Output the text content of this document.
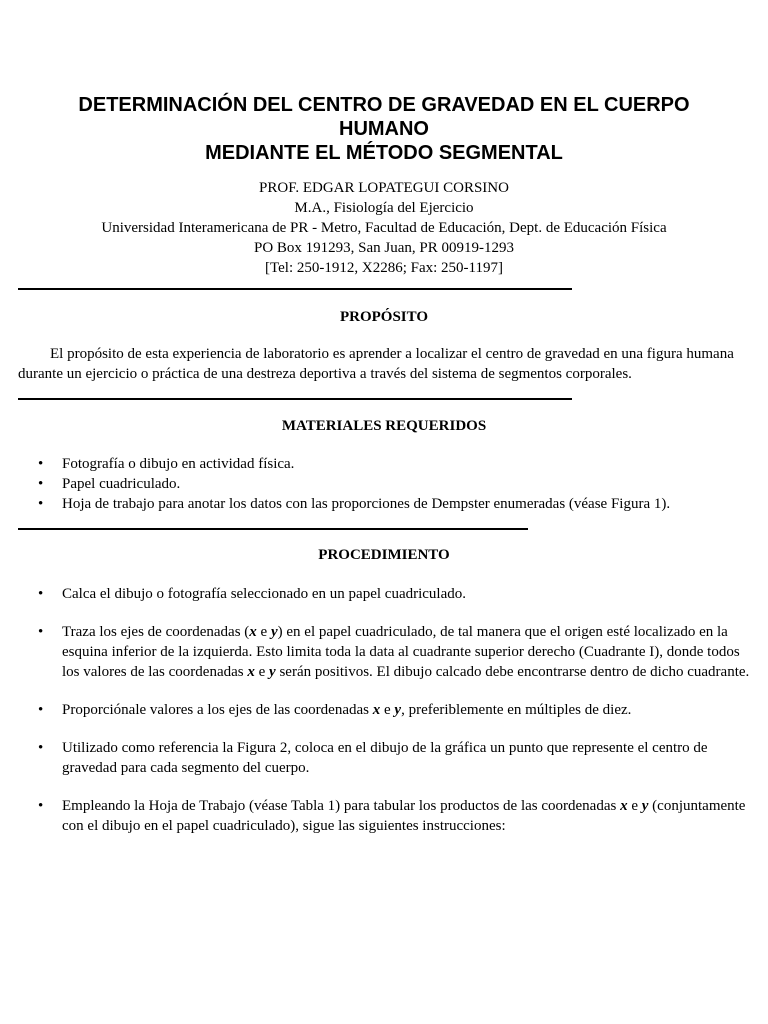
DETERMINACIÓN DEL CENTRO DE GRAVEDAD EN EL CUERPO
HUMANO
MEDIANTE EL MÉTODO SEGMENTAL
PROF. EDGAR LOPATEGUI CORSINO
M.A., Fisiología del Ejercicio
Universidad Interamericana de PR - Metro, Facultad de Educación, Dept. de Educación Física
PO Box 191293, San Juan, PR 00919-1293
[Tel: 250-1912, X2286; Fax: 250-1197]
PROPÓSITO

El propósito de esta experiencia de laboratorio es aprender a localizar el centro de gravedad en una figura humana durante un ejercicio o práctica de una destreza deportiva a través del sistema de segmentos corporales.

MATERIALES REQUERIDOS
• Fotografía o dibujo en actividad física.
• Papel cuadriculado.
• Hoja de trabajo para anotar los datos con las proporciones de Dempster enumeradas (véase Figura 1).
PROCEDIMIENTO
• Calca el dibujo o fotografía seleccionado en un papel cuadriculado.
• Traza los ejes de coordenadas (x e y) en el papel cuadriculado, de tal manera que el origen esté localizado en la esquina inferior de la izquierda. Esto limita toda la data al cuadrante superior derecho (Cuadrante I), donde todos los valores de las coordenadas x e y serán positivos. El dibujo calcado debe encontrarse dentro de dicho cuadrante.
• Proporciónale valores a los ejes de las coordenadas x e y, preferiblemente en múltiples de diez.
• Utilizado como referencia la Figura 2, coloca en el dibujo de la gráfica un punto que represente el centro de gravedad para cada segmento del cuerpo.
• Empleando la Hoja de Trabajo (véase Tabla 1) para tabular los productos de las coordenadas x e y (conjuntamente con el dibujo en el papel cuadriculado), sigue las siguientes instrucciones:
